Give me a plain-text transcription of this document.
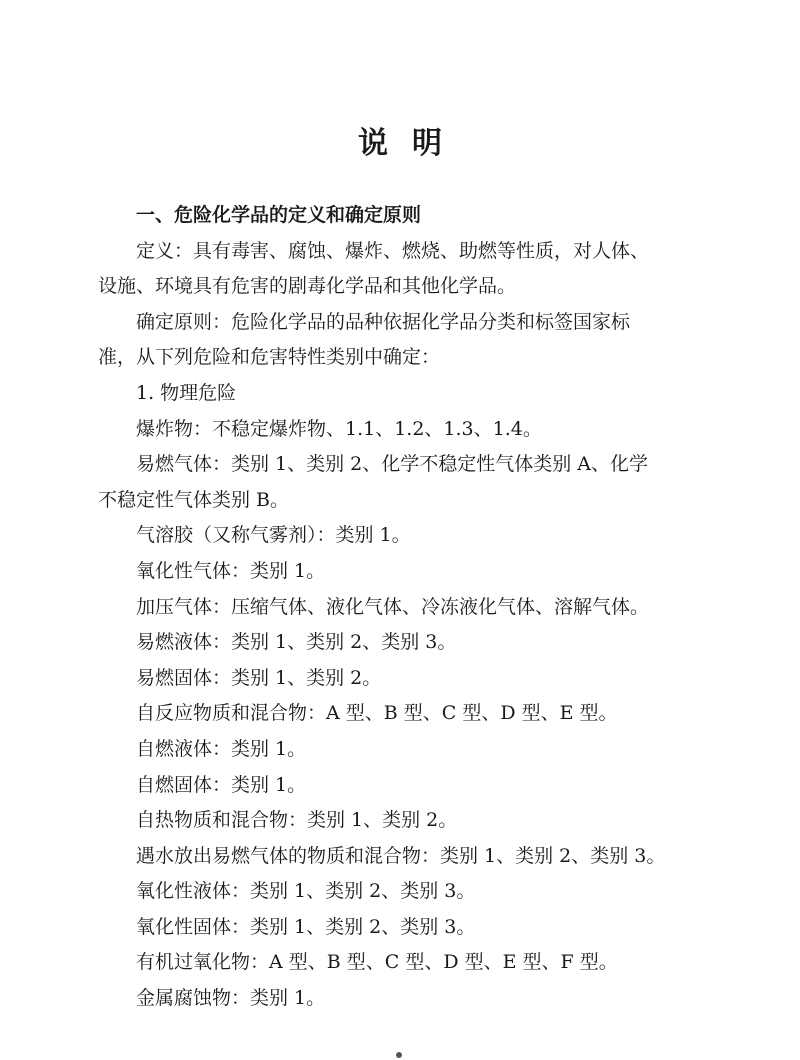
说明

一、危险化学品的定义和确定原则

定义：具有毒害、腐蚀、爆炸、燃烧、助燃等性质，对人体、
设施、环境具有危害的剧毒化学品和其他化学品。

确定原则：危险化学品的品种依据化学品分类和标签国家标
准，从下列危险和危害特性类别中确定：

1. 物理危险

爆炸物：不稳定爆炸物、1.1、1.2、1.3、1.4。

易燃气体：类别 1、类别 2、化学不稳定性气体类别 A、化学
不稳定性气体类别 B。

气溶胶（又称气雾剂）：类别 1。

氧化性气体：类别 1。

加压气体：压缩气体、液化气体、冷冻液化气体、溶解气体。

易燃液体：类别 1、类别 2、类别 3。

易燃固体：类别 1、类别 2。

自反应物质和混合物：A 型、B 型、C 型、D 型、E 型。

自燃液体：类别 1。

自燃固体：类别 1。

自热物质和混合物：类别 1、类别 2。

遇水放出易燃气体的物质和混合物：类别 1、类别 2、类别 3。

氧化性液体：类别 1、类别 2、类别 3。

氧化性固体：类别 1、类别 2、类别 3。

有机过氧化物：A 型、B 型、C 型、D 型、E 型、F 型。

金属腐蚀物：类别 1。
